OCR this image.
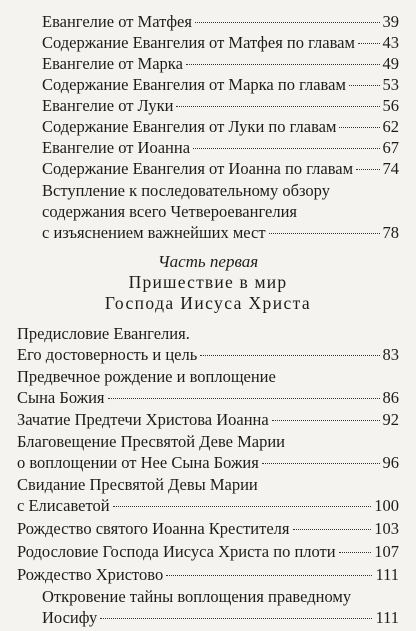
Евангелие от Матфея	39
Содержание Евангелия от Матфея по главам 43
Евангелие от Марка	49
Содержание Евангелия от Марка по главам 53
Евангелие от Луки	56
Содержание Евангелия от Луки по главам	62
Евангелие от Иоанна	67
Содержание Евангелия от Иоанна по главам 74
Вступление к последовательному обзору
содержания всего Четвероевангелия
с изъяснением важнейших мест	78
Часть первая
Пришествие в мир
Господа Иисуса Христа
Предисловие Евангелия.
Его достоверность и цель	83
Предвечное рождение и воплощение
Сына Божия	86
Зачатие Предтечи Христова Иоанна	92
Благовещение Пресвятой Деве Марии
о воплощении от Нее Сына Божия	96
Свидание Пресвятой Девы Марии
с Елисаветой	100
Рождество святого Иоанна Крестителя	103
Родословие Господа Иисуса Христа по плоти 107
Рождество Христово	111
Откровение тайны воплощения праведному
Иосифу	111
